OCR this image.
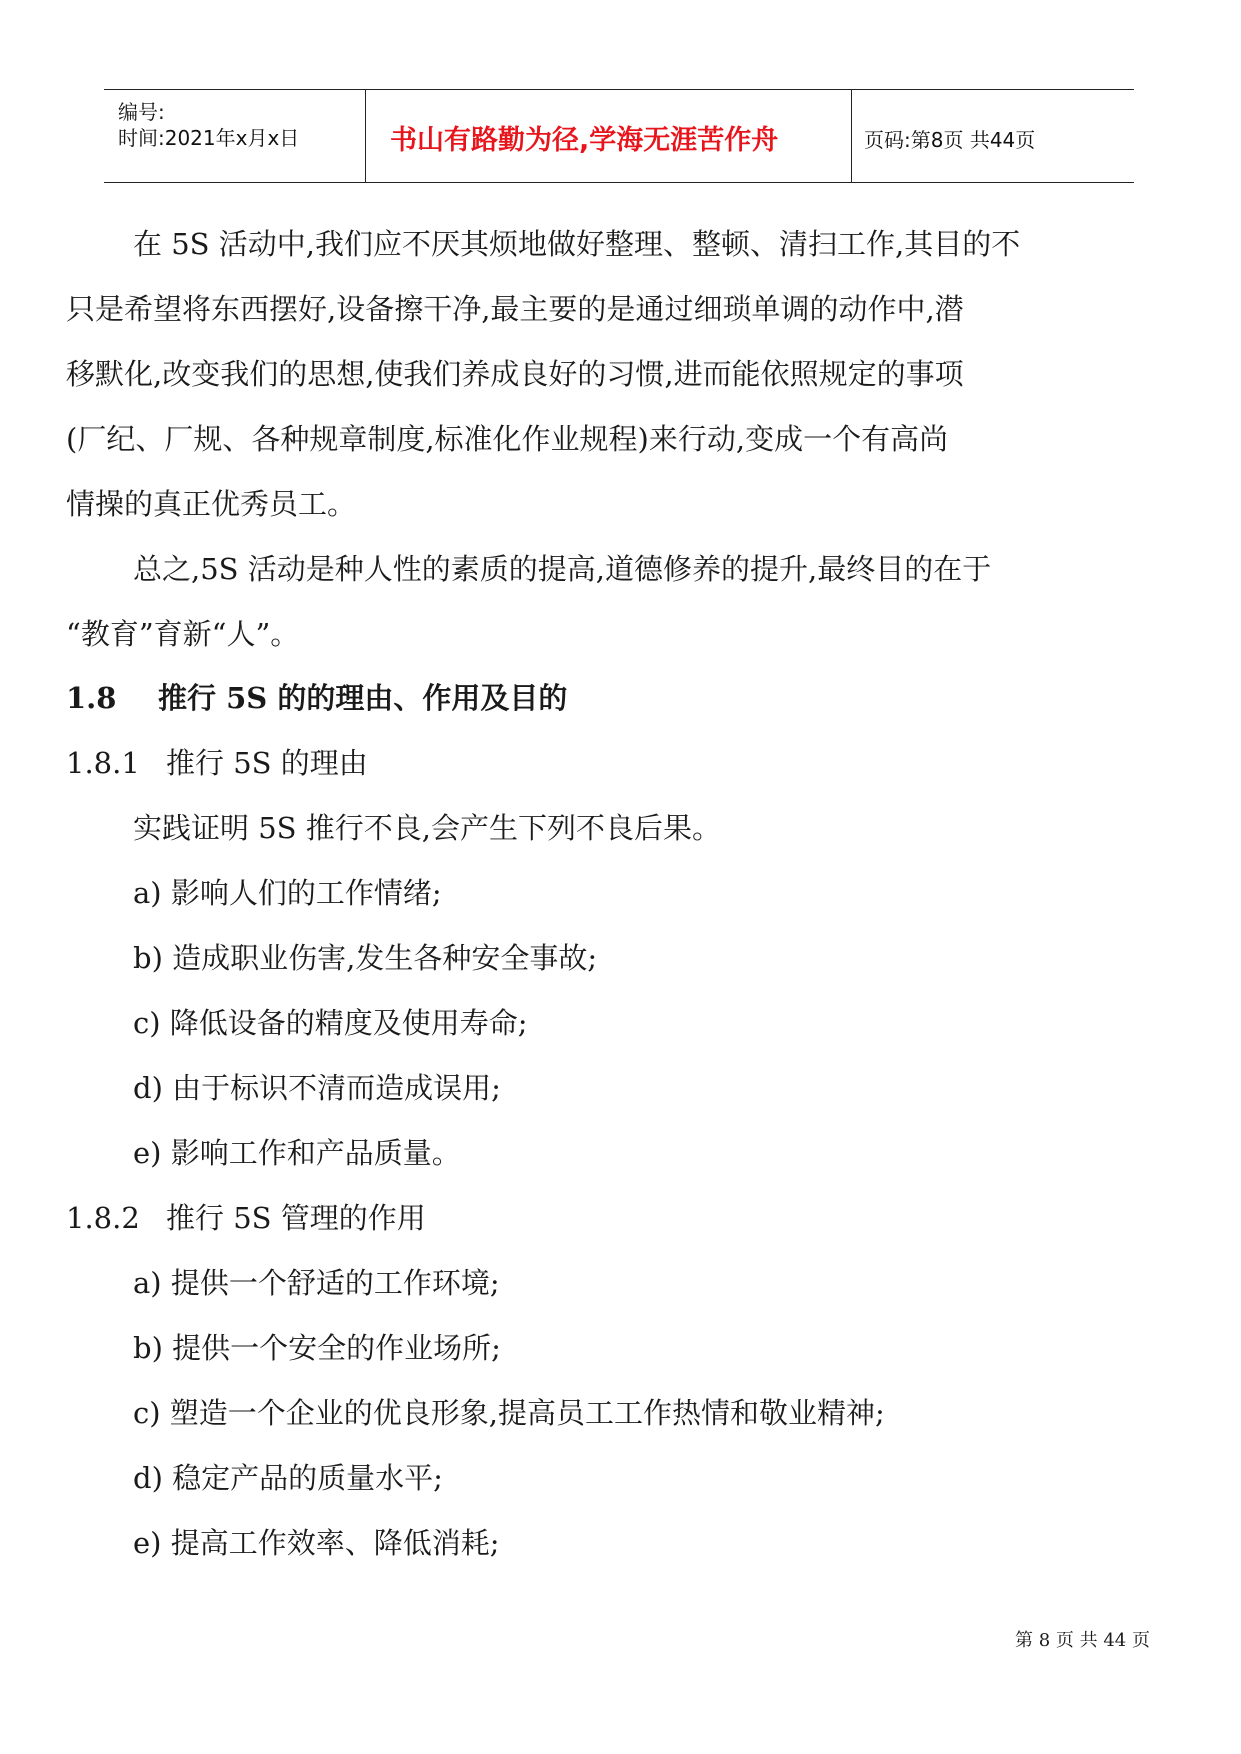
编号:
时间:2021年x月x日	书山有路勤为径,学海无涯苦作舟	页码:第8页 共44页
在 5S 活动中,我们应不厌其烦地做好整理、整顿、清扫工作,其目的不
只是希望将东西摆好,设备擦干净,最主要的是通过细琐单调的动作中,潜
移默化,改变我们的思想,使我们养成良好的习惯,进而能依照规定的事项
(厂纪、厂规、各种规章制度,标准化作业规程)来行动,变成一个有高尚
情操的真正优秀员工。
总之,5S 活动是种人性的素质的提高,道德修养的提升,最终目的在于
“教育”育新“人”。
1.8 推行 5S 的的理由、作用及目的
1.8.1 推行 5S 的理由
实践证明 5S 推行不良,会产生下列不良后果。
a) 影响人们的工作情绪;
b) 造成职业伤害,发生各种安全事故;
c) 降低设备的精度及使用寿命;
d) 由于标识不清而造成误用;
e) 影响工作和产品质量。
1.8.2 推行 5S 管理的作用
a) 提供一个舒适的工作环境;
b) 提供一个安全的作业场所;
c) 塑造一个企业的优良形象,提高员工工作热情和敬业精神;
d) 稳定产品的质量水平;
e) 提高工作效率、降低消耗;
第 8 页 共 44 页
